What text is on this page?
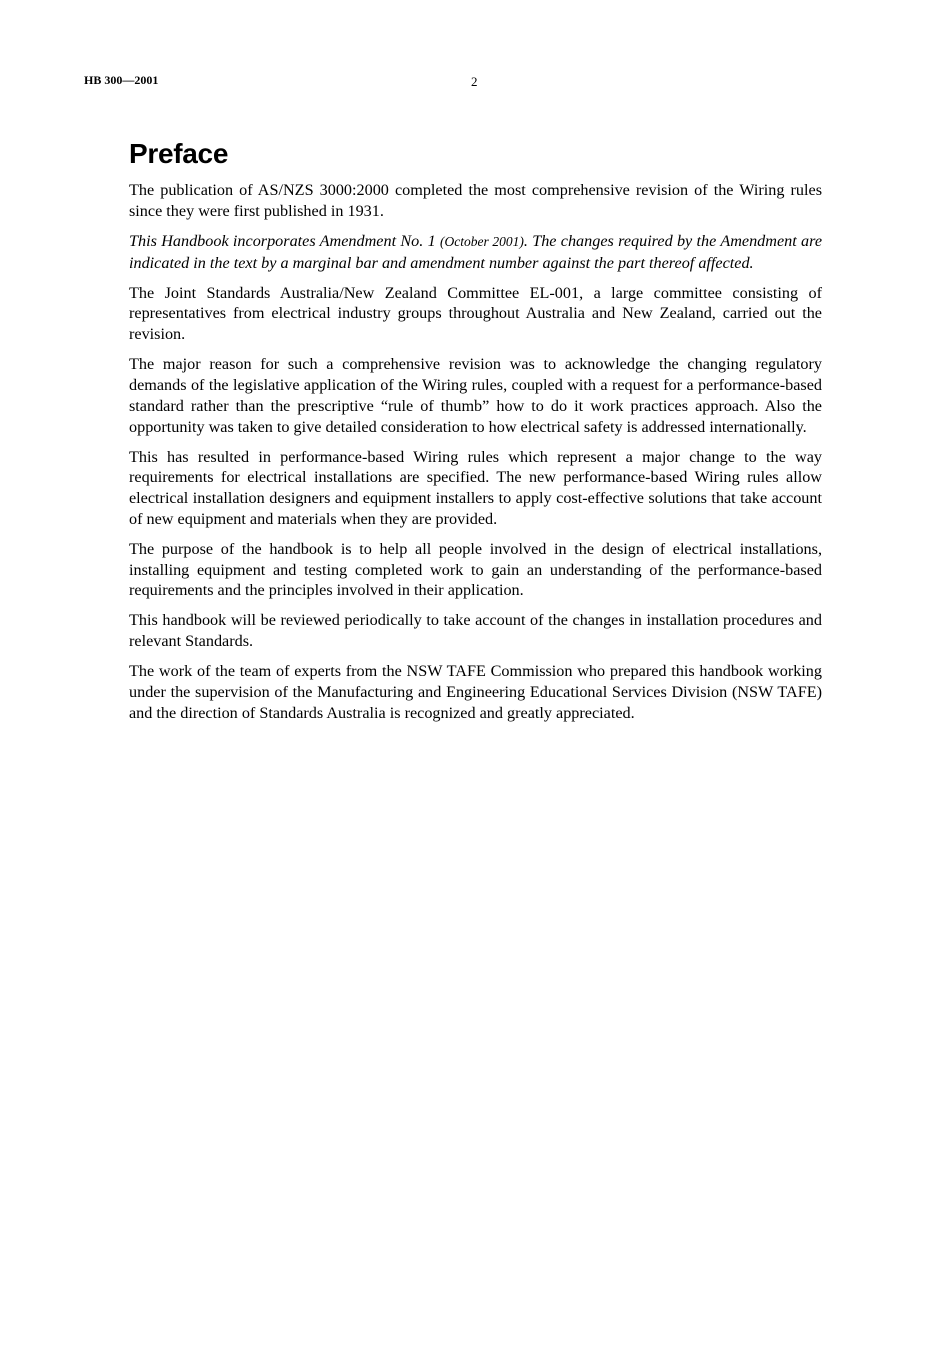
HB 300—2001	2
Preface

The publication of AS/NZS 3000:2000 completed the most comprehensive revision of the Wiring rules since they were first published in 1931.

This Handbook incorporates Amendment No. 1 (October 2001). The changes required by the Amendment are indicated in the text by a marginal bar and amendment number against the part thereof affected.

The Joint Standards Australia/New Zealand Committee EL-001, a large committee consisting of representatives from electrical industry groups throughout Australia and New Zealand, carried out the revision.

The major reason for such a comprehensive revision was to acknowledge the changing regulatory demands of the legislative application of the Wiring rules, coupled with a request for a performance-based standard rather than the prescriptive “rule of thumb” how to do it work practices approach. Also the opportunity was taken to give detailed consideration to how electrical safety is addressed internationally.

This has resulted in performance-based Wiring rules which represent a major change to the way requirements for electrical installations are specified. The new performance-based Wiring rules allow electrical installation designers and equipment installers to apply cost-effective solutions that take account of new equipment and materials when they are provided.

The purpose of the handbook is to help all people involved in the design of electrical installations, installing equipment and testing completed work to gain an understanding of the performance-based requirements and the principles involved in their application.

This handbook will be reviewed periodically to take account of the changes in installation procedures and relevant Standards.

The work of the team of experts from the NSW TAFE Commission who prepared this handbook working under the supervision of the Manufacturing and Engineering Educational Services Division (NSW TAFE) and the direction of Standards Australia is recognized and greatly appreciated.
